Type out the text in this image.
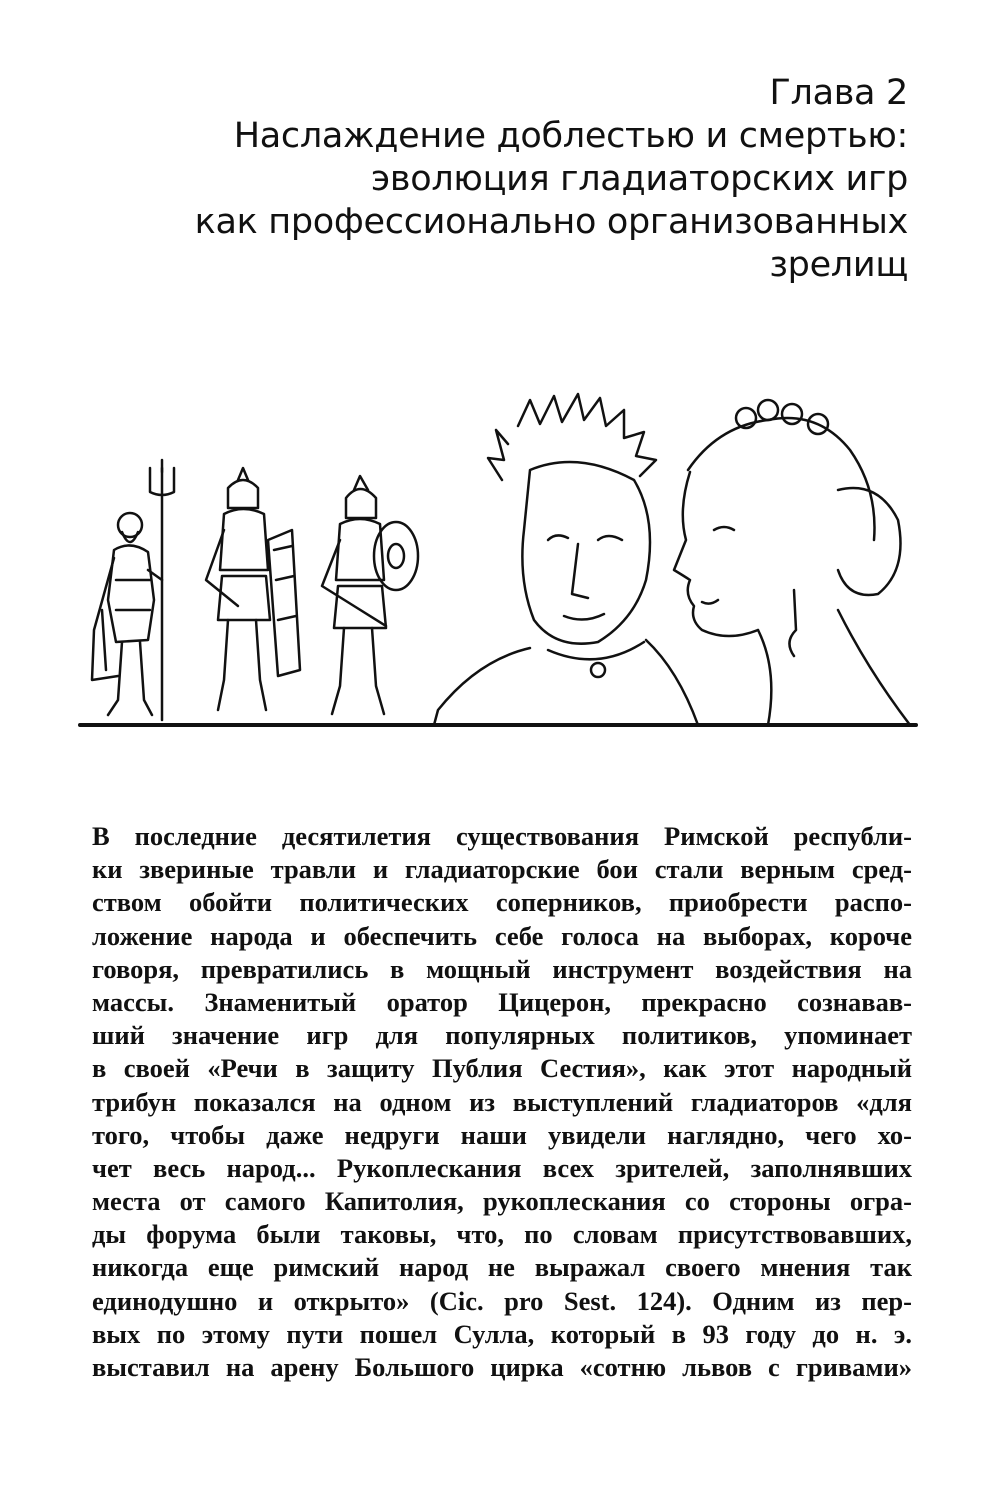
Глава 2
Наслаждение доблестью и смертью:
эволюция гладиаторских игр
как профессионально организованных
зрелищ
В последние десятилетия существования Римской республи-
ки звериные травли и гладиаторские бои стали верным сред-
ством обойти политических соперников, приобрести распо-
ложение народа и обеспечить себе голоса на выборах, короче
говоря, превратились в мощный инструмент воздействия на
массы. Знаменитый оратор Цицерон, прекрасно сознавав-
ший значение игр для популярных политиков, упоминает
в своей «Речи в защиту Публия Сестия», как этот народный
трибун показался на одном из выступлений гладиаторов «для
того, чтобы даже недруги наши увидели наглядно, чего хо-
чет весь народ... Рукоплескания всех зрителей, заполнявших
места от самого Капитолия, рукоплескания со стороны огра-
ды форума были таковы, что, по словам присутствовавших,
никогда еще римский народ не выражал своего мнения так
единодушно и открыто» (Cic. pro Sest. 124). Одним из пер-
вых по этому пути пошел Сулла, который в 93 году до н. э.
выставил на арену Большого цирка «сотню львов с гривами»
